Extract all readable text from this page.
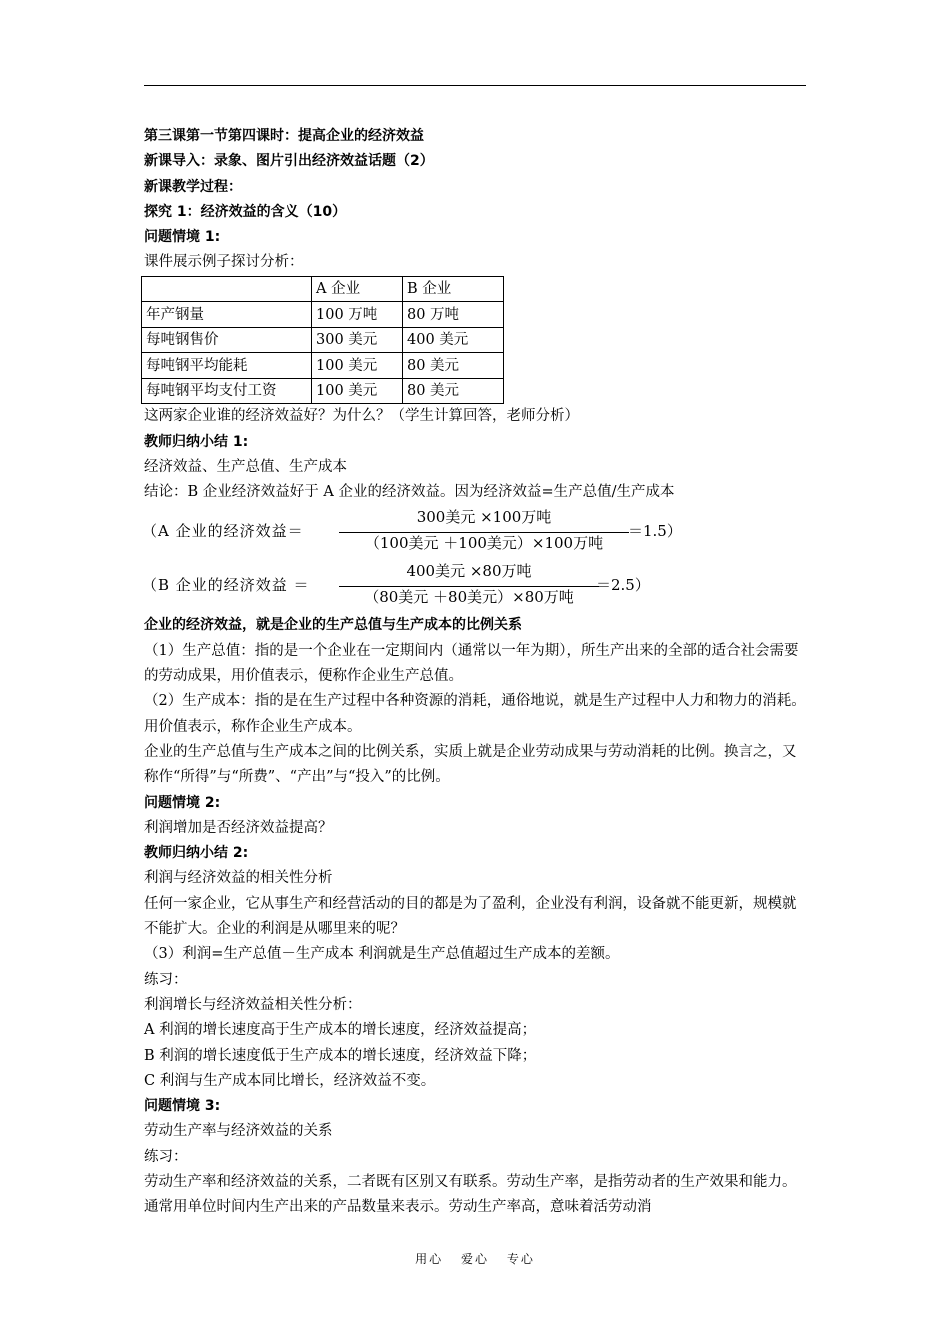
第三课第一节第四课时：提高企业的经济效益

新课导入：录象、图片引出经济效益话题（2）

新课教学过程：

探究 1：经济效益的含义（10）

问题情境 1:

课件展示例子探讨分析：

	A 企业	B 企业
年产钢量	100 万吨	80 万吨
每吨钢售价	300 美元	400 美元
每吨钢平均能耗	100 美元	80 美元
每吨钢平均支付工资	100 美元	80 美元

这两家企业谁的经济效益好？为什么？（学生计算回答，老师分析）

教师归纳小结 1:

经济效益、生产总值、生产成本

结论：B 企业经济效益好于 A 企业的经济效益。因为经济效益=生产总值/生产成本

（A 企业的经济效益＝
300美元 ×100万吨
（100美元 ＋100美元）×100万吨
＝1.5）
（B 企业的经济效益 ＝
400美元 ×80万吨
（80美元 ＋80美元）×80万吨
＝2.5）

企业的经济效益，就是企业的生产总值与生产成本的比例关系

（1）生产总值：指的是一个企业在一定期间内（通常以一年为期），所生产出来的全部的适合社会需要的劳动成果，用价值表示，便称作企业生产总值。

（2）生产成本：指的是在生产过程中各种资源的消耗，通俗地说，就是生产过程中人力和物力的消耗。用价值表示，称作企业生产成本。

企业的生产总值与生产成本之间的比例关系，实质上就是企业劳动成果与劳动消耗的比例。换言之，又称作“所得”与“所费”、“产出”与“投入”的比例。

问题情境 2:

利润增加是否经济效益提高？

教师归纳小结 2:

利润与经济效益的相关性分析

任何一家企业，它从事生产和经营活动的目的都是为了盈利，企业没有利润，设备就不能更新，规模就不能扩大。企业的利润是从哪里来的呢？

（3）利润=生产总值－生产成本 利润就是生产总值超过生产成本的差额。

练习：

利润增长与经济效益相关性分析：

A 利润的增长速度高于生产成本的增长速度，经济效益提高；

B 利润的增长速度低于生产成本的增长速度，经济效益下降；

C 利润与生产成本同比增长，经济效益不变。

问题情境 3:

劳动生产率与经济效益的关系

练习：

劳动生产率和经济效益的关系，二者既有区别又有联系。劳动生产率，是指劳动者的生产效果和能力。通常用单位时间内生产出来的产品数量来表示。劳动生产率高，意味着活劳动消

用心 爱心 专心
